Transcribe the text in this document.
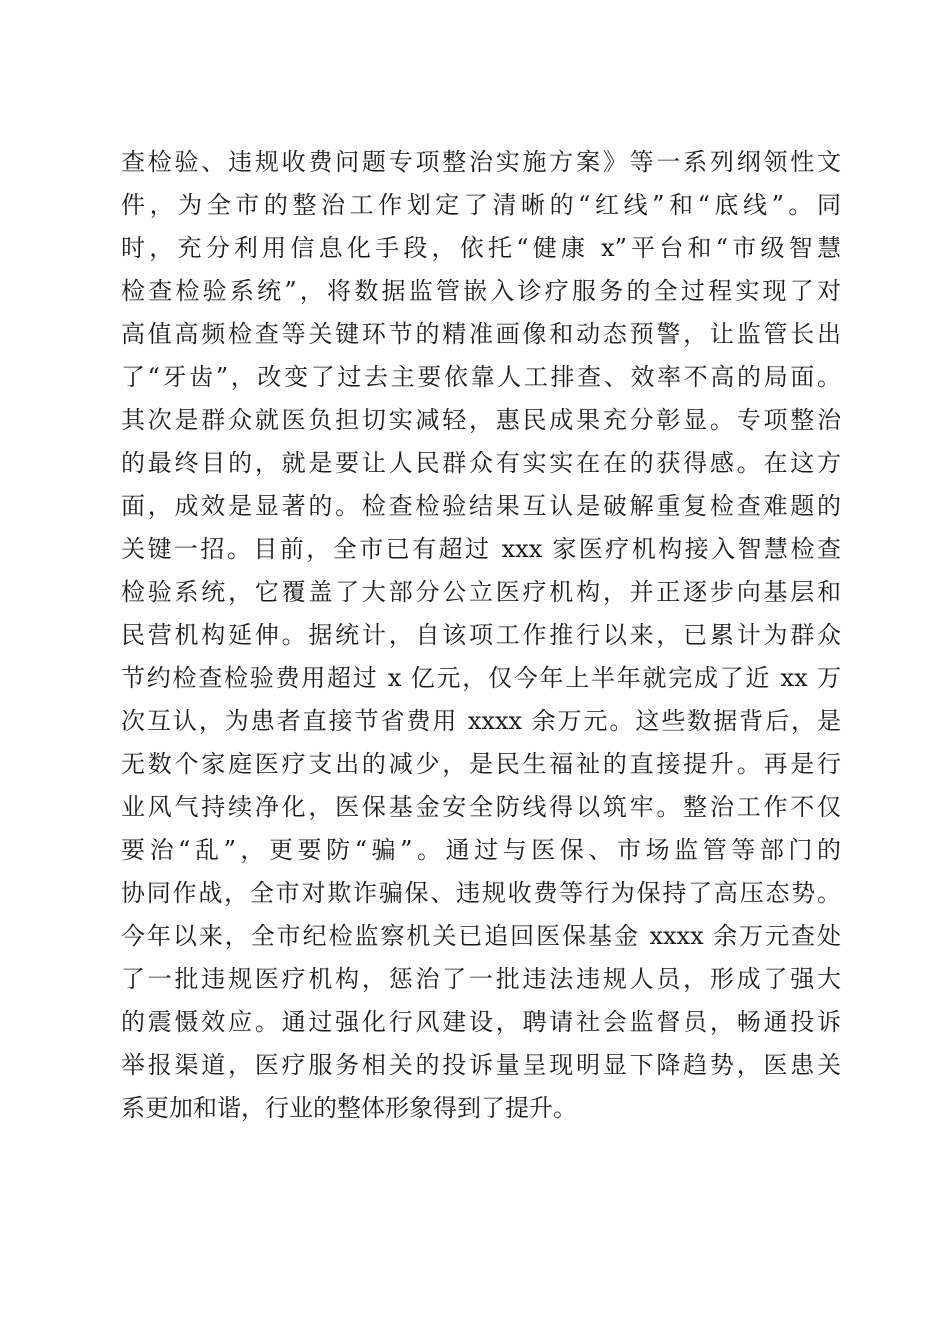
查检验、违规收费问题专项整治实施方案》等一系列纲领性文
件，为全市的整治工作划定了清晰的“红线”和“底线”。同
时，充分利用信息化手段，依托“健康 x”平台和“市级智慧
检查检验系统”，将数据监管嵌入诊疗服务的全过程实现了对
高值高频检查等关键环节的精准画像和动态预警，让监管长出
了“牙齿”，改变了过去主要依靠人工排查、效率不高的局面。
其次是群众就医负担切实减轻，惠民成果充分彰显。专项整治
的最终目的，就是要让人民群众有实实在在的获得感。在这方
面，成效是显著的。检查检验结果互认是破解重复检查难题的
关键一招。目前，全市已有超过 xxx 家医疗机构接入智慧检查
检验系统，它覆盖了大部分公立医疗机构，并正逐步向基层和
民营机构延伸。据统计，自该项工作推行以来，已累计为群众
节约检查检验费用超过 x 亿元，仅今年上半年就完成了近 xx 万
次互认，为患者直接节省费用 xxxx 余万元。这些数据背后，是
无数个家庭医疗支出的减少，是民生福祉的直接提升。再是行
业风气持续净化，医保基金安全防线得以筑牢。整治工作不仅
要治“乱”，更要防“骗”。通过与医保、市场监管等部门的
协同作战，全市对欺诈骗保、违规收费等行为保持了高压态势。
今年以来，全市纪检监察机关已追回医保基金 xxxx 余万元查处
了一批违规医疗机构，惩治了一批违法违规人员，形成了强大
的震慑效应。通过强化行风建设，聘请社会监督员，畅通投诉
举报渠道，医疗服务相关的投诉量呈现明显下降趋势，医患关
系更加和谐，行业的整体形象得到了提升。
